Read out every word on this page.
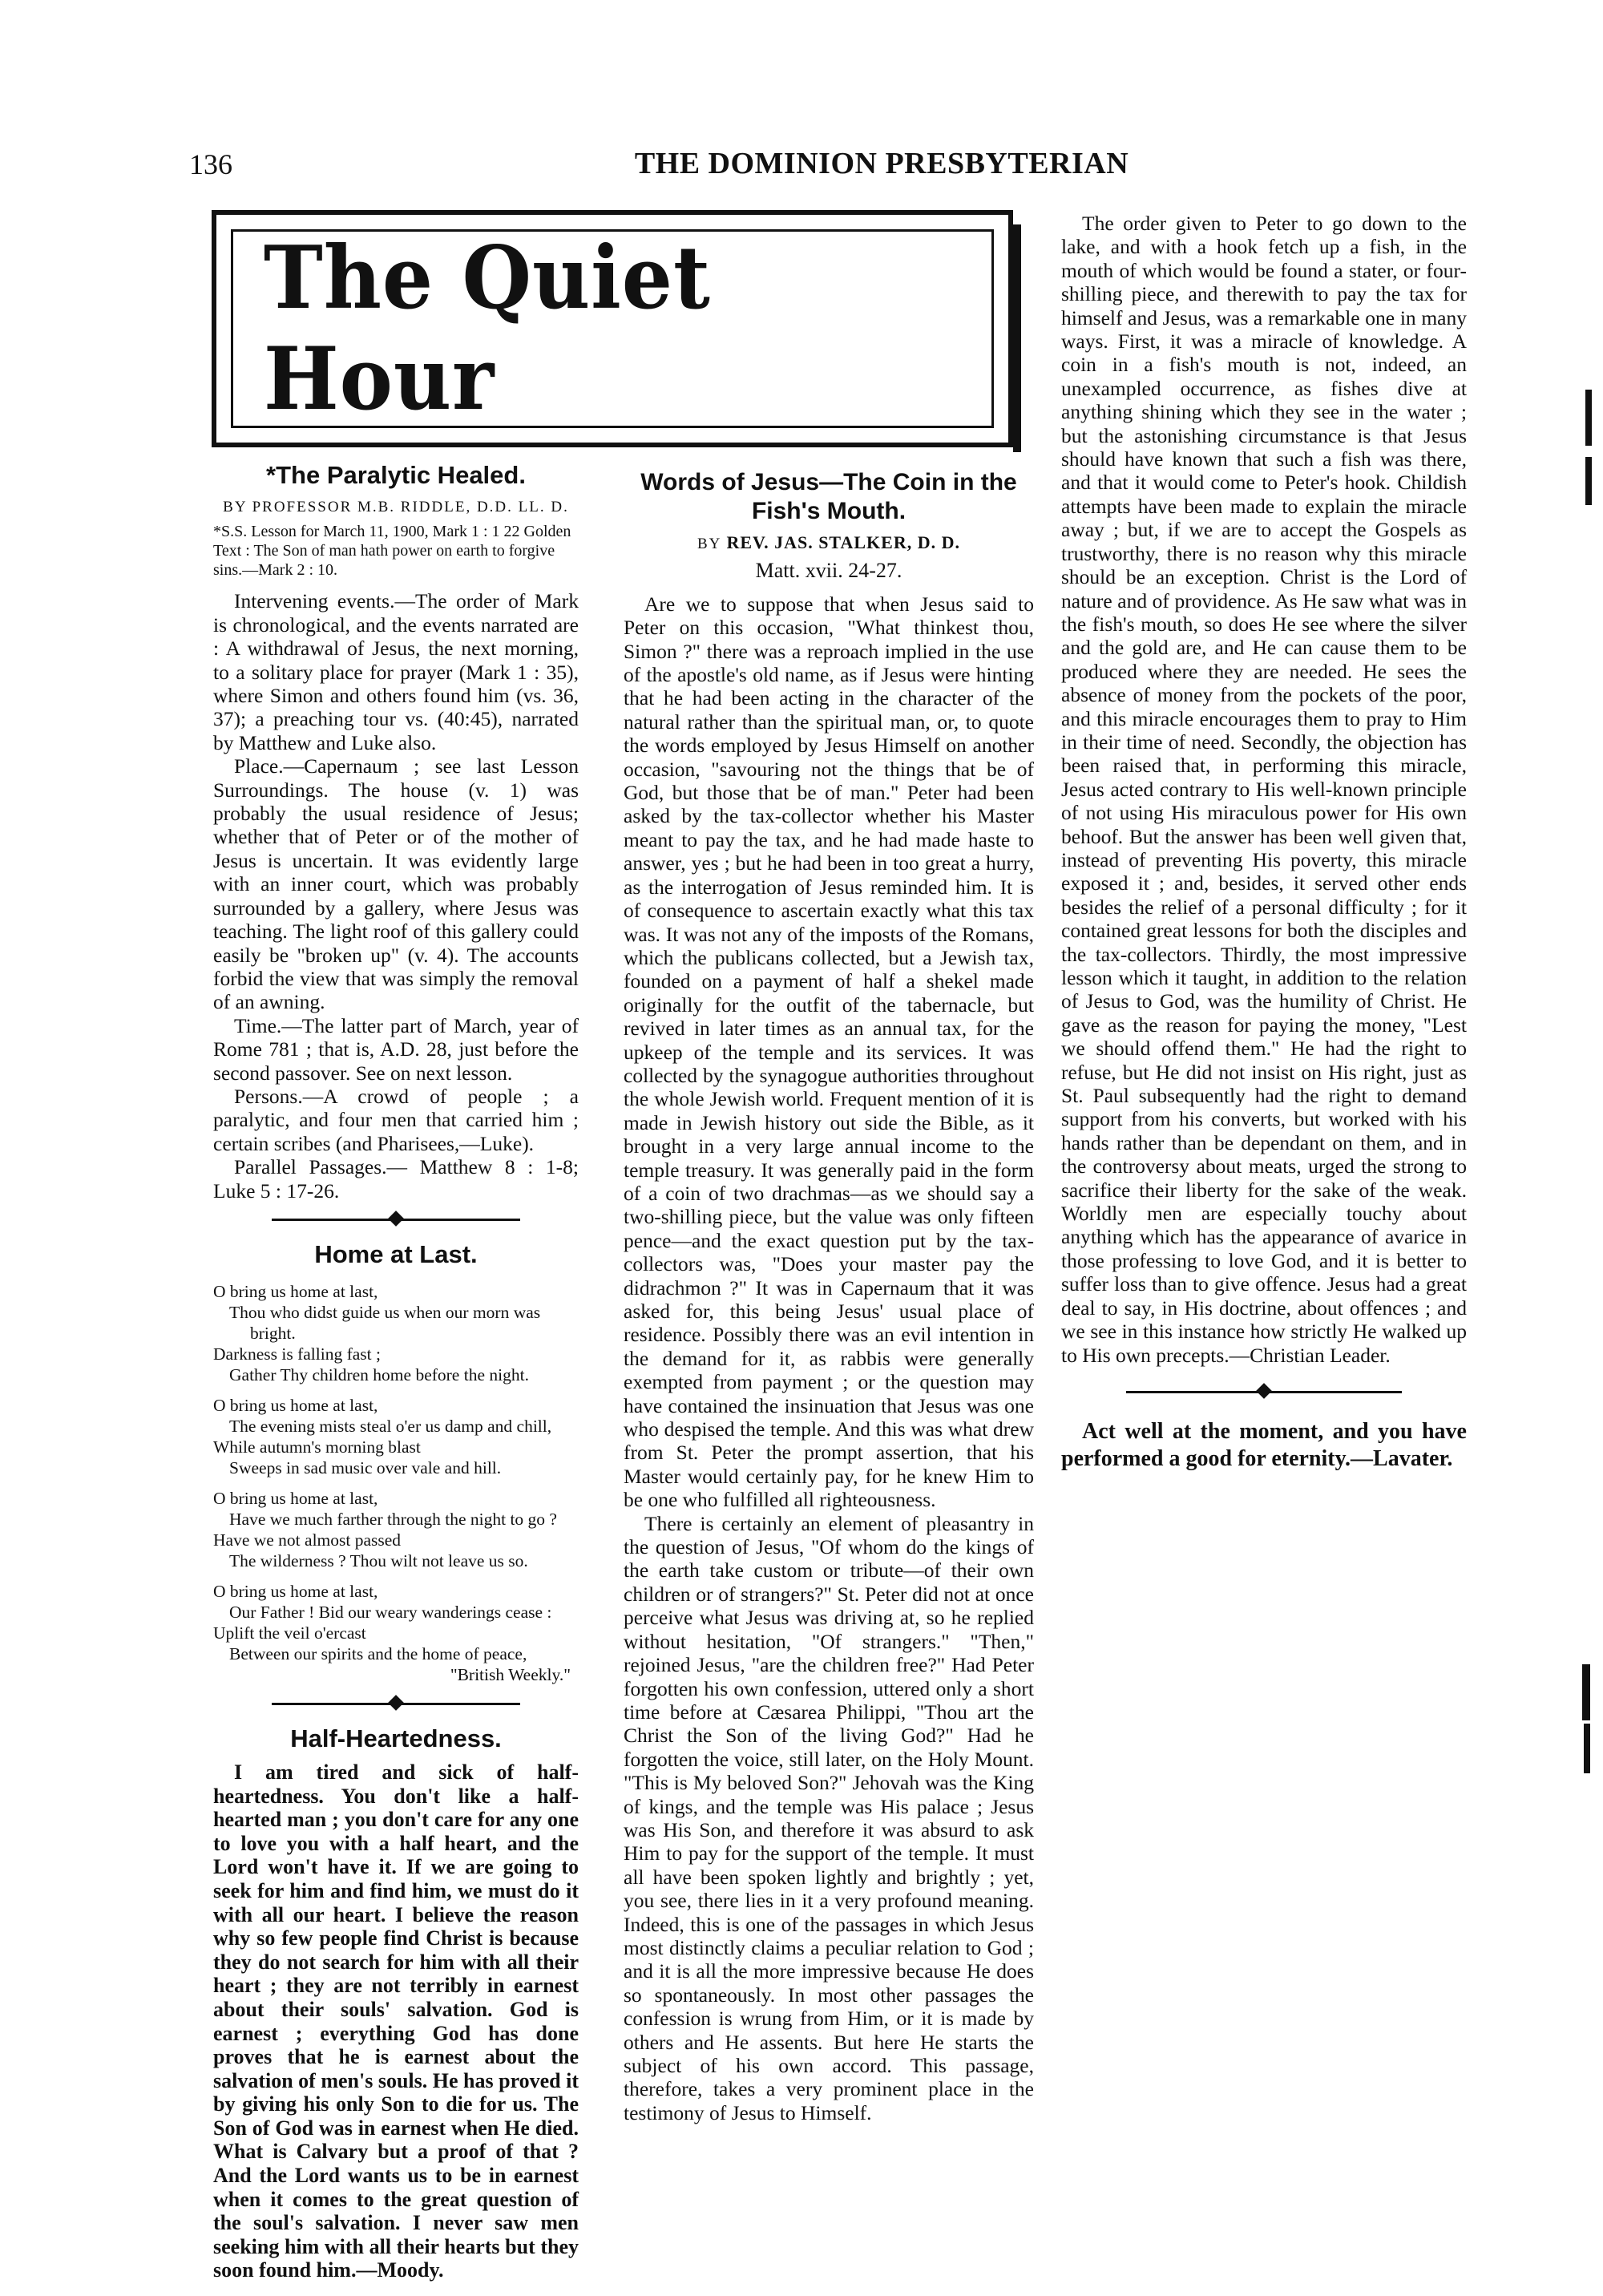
136	THE DOMINION PRESBYTERIAN
The Quiet Hour
*The Paralytic Healed.
BY PROFESSOR M.B. RIDDLE, D.D. LL. D.

*S.S. Lesson for March 11, 1900, Mark 1 : 1 22 Golden Text : The Son of man hath power on earth to forgive sins.—Mark 2 : 10.

Intervening events.—The order of Mark is chronological, and the events narrated are : A withdrawal of Jesus, the next morning, to a solitary place for prayer (Mark 1 : 35), where Simon and others found him (vs. 36, 37); a preaching tour vs. (40:45), narrated by Matthew and Luke also.

Place.—Capernaum ; see last Lesson Surroundings. The house (v. 1) was probably the usual residence of Jesus; whether that of Peter or of the mother of Jesus is uncertain. It was evidently large with an inner court, which was probably surrounded by a gallery, where Jesus was teaching. The light roof of this gallery could easily be "broken up" (v. 4). The accounts forbid the view that was simply the removal of an awning.

Time.—The latter part of March, year of Rome 781 ; that is, A.D. 28, just before the second passover. See on next lesson.

Persons.—A crowd of people ; a paralytic, and four men that carried him ; certain scribes (and Pharisees,—Luke).

Parallel Passages.— Matthew 8 : 1-8; Luke 5 : 17-26.

Home at Last.

O bring us home at last,

Thou who didst guide us when our morn was

bright.

Darkness is falling fast ;

Gather Thy children home before the night.

O bring us home at last,

The evening mists steal o'er us damp and chill,

While autumn's morning blast

Sweeps in sad music over vale and hill.

O bring us home at last,

Have we much farther through the night to go ?

Have we not almost passed

The wilderness ? Thou wilt not leave us so.

O bring us home at last,

Our Father ! Bid our weary wanderings cease :

Uplift the veil o'ercast

Between our spirits and the home of peace,

"British Weekly."

Half-Heartedness.

I am tired and sick of half-heartedness. You don't like a half-hearted man ; you don't care for any one to love you with a half heart, and the Lord won't have it. If we are going to seek for him and find him, we must do it with all our heart. I believe the reason why so few people find Christ is because they do not search for him with all their heart ; they are not terribly in earnest about their souls' salvation. God is earnest ; everything God has done proves that he is earnest about the salvation of men's souls. He has proved it by giving his only Son to die for us. The Son of God was in earnest when He died. What is Calvary but a proof of that ? And the Lord wants us to be in earnest when it comes to the great question of the soul's salvation. I never saw men seeking him with all their hearts but they soon found him.—Moody.

Words of Jesus—The Coin in the Fish's Mouth.
BY REV. JAS. STALKER, D. D.
Matt. xvii. 24-27.

Are we to suppose that when Jesus said to Peter on this occasion, "What thinkest thou, Simon ?" there was a reproach implied in the use of the apostle's old name, as if Jesus were hinting that he had been acting in the character of the natural rather than the spiritual man, or, to quote the words employed by Jesus Himself on another occasion, "savouring not the things that be of God, but those that be of man." Peter had been asked by the tax-collector whether his Master meant to pay the tax, and he had made haste to answer, yes ; but he had been in too great a hurry, as the interrogation of Jesus reminded him. It is of consequence to ascertain exactly what this tax was. It was not any of the imposts of the Romans, which the publicans collected, but a Jewish tax, founded on a payment of half a shekel made originally for the outfit of the tabernacle, but revived in later times as an annual tax, for the upkeep of the temple and its services. It was collected by the synagogue authorities throughout the whole Jewish world. Frequent mention of it is made in Jewish history out side the Bible, as it brought in a very large annual income to the temple treasury. It was generally paid in the form of a coin of two drachmas—as we should say a two-shilling piece, but the value was only fifteen pence—and the exact question put by the tax-collectors was, "Does your master pay the didrachmon ?" It was in Capernaum that it was asked for, this being Jesus' usual place of residence. Possibly there was an evil intention in the demand for it, as rabbis were generally exempted from payment ; or the question may have contained the insinuation that Jesus was one who despised the temple. And this was what drew from St. Peter the prompt assertion, that his Master would certainly pay, for he knew Him to be one who fulfilled all righteousness.

There is certainly an element of pleasantry in the question of Jesus, "Of whom do the kings of the earth take custom or tribute—of their own children or of strangers?" St. Peter did not at once perceive what Jesus was driving at, so he replied without hesitation, "Of strangers." "Then," rejoined Jesus, "are the children free?" Had Peter forgotten his own confession, uttered only a short time before at Cæsarea Philippi, "Thou art the Christ the Son of the living God?" Had he forgotten the voice, still later, on the Holy Mount. "This is My beloved Son?" Jehovah was the King of kings, and the temple was His palace ; Jesus was His Son, and therefore it was absurd to ask Him to pay for the support of the temple. It must all have been spoken lightly and brightly ; yet, you see, there lies in it a very profound meaning. Indeed, this is one of the passages in which Jesus most distinctly claims a peculiar relation to God ; and it is all the more impressive because He does so spontaneously. In most other passages the confession is wrung from Him, or it is made by others and He assents. But here He starts the subject of his own accord. This passage, therefore, takes a very prominent place in the testimony of Jesus to Himself.

The order given to Peter to go down to the lake, and with a hook fetch up a fish, in the mouth of which would be found a stater, or four-shilling piece, and therewith to pay the tax for himself and Jesus, was a remarkable one in many ways. First, it was a miracle of knowledge. A coin in a fish's mouth is not, indeed, an unexampled occurrence, as fishes dive at anything shining which they see in the water ; but the astonishing circumstance is that Jesus should have known that such a fish was there, and that it would come to Peter's hook. Childish attempts have been made to explain the miracle away ; but, if we are to accept the Gospels as trustworthy, there is no reason why this miracle should be an exception. Christ is the Lord of nature and of providence. As He saw what was in the fish's mouth, so does He see where the silver and the gold are, and He can cause them to be produced where they are needed. He sees the absence of money from the pockets of the poor, and this miracle encourages them to pray to Him in their time of need. Secondly, the objection has been raised that, in performing this miracle, Jesus acted contrary to His well-known principle of not using His miraculous power for His own behoof. But the answer has been well given that, instead of preventing His poverty, this miracle exposed it ; and, besides, it served other ends besides the relief of a personal difficulty ; for it contained great lessons for both the disciples and the tax-collectors. Thirdly, the most impressive lesson which it taught, in addition to the relation of Jesus to God, was the humility of Christ. He gave as the reason for paying the money, "Lest we should offend them." He had the right to refuse, but He did not insist on His right, just as St. Paul subsequently had the right to demand support from his converts, but worked with his hands rather than be dependant on them, and in the controversy about meats, urged the strong to sacrifice their liberty for the sake of the weak. Worldly men are especially touchy about anything which has the appearance of avarice in those professing to love God, and it is better to suffer loss than to give offence. Jesus had a great deal to say, in His doctrine, about offences ; and we see in this instance how strictly He walked up to His own precepts.—Christian Leader.

Act well at the moment, and you have performed a good for eternity.—Lavater.
